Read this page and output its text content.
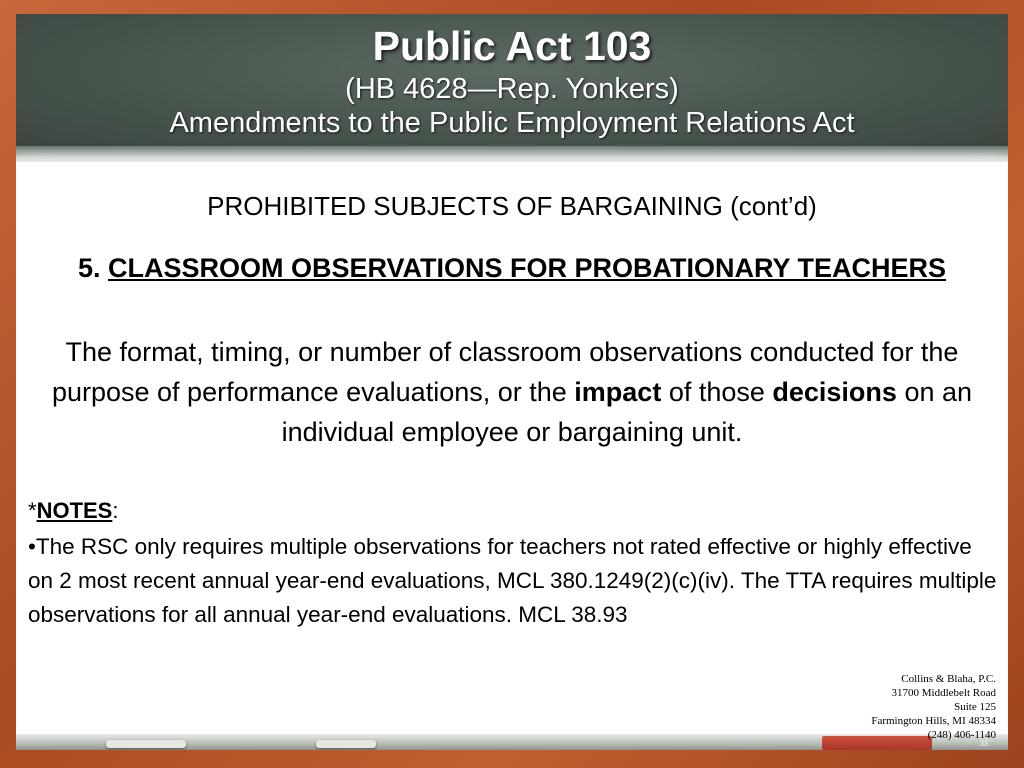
Public Act 103
(HB 4628—Rep. Yonkers)
Amendments to the Public Employment Relations Act
PROHIBITED SUBJECTS OF BARGAINING (cont’d)
5. CLASSROOM OBSERVATIONS FOR PROBATIONARY TEACHERS
The format, timing, or number of classroom observations conducted for the purpose of performance evaluations, or the impact of those decisions on an individual employee or bargaining unit.
*NOTES:
•The RSC only requires multiple observations for teachers not rated effective or highly effective on 2 most recent annual year-end evaluations, MCL 380.1249(2)(c)(iv). The TTA requires multiple observations for all annual year-end evaluations. MCL 38.93
Collins & Blaha, P.C.
31700 Middlebelt Road
Suite 125
Farmington Hills, MI 48334
(248) 406-1140
33
